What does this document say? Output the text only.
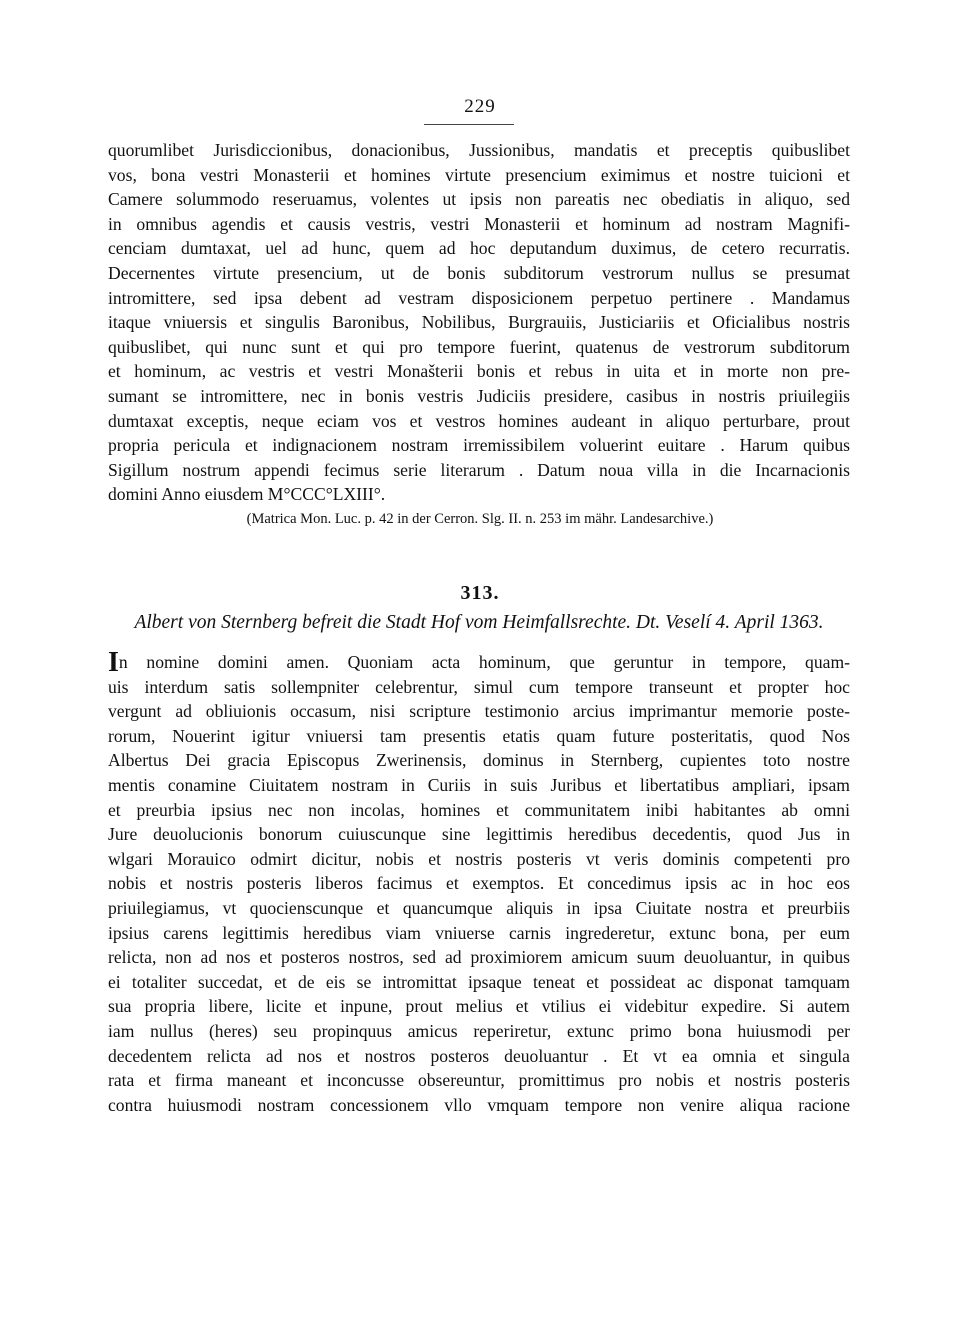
229
quorumlibet Jurisdiccionibus, donacionibus, Jussionibus, mandatis et preceptis quibuslibet
vos, bona vestri Monasterii et homines virtute presencium eximimus et nostre tuicioni et
Camere solummodo reseruamus, volentes ut ipsis non pareatis nec obediatis in aliquo, sed
in omnibus agendis et causis vestris, vestri Monasterii et hominum ad nostram Magnifi-
cenciam dumtaxat, uel ad hunc, quem ad hoc deputandum duximus, de cetero recurratis.
Decernentes virtute presencium, ut de bonis subditorum vestrorum nullus se presumat
intromittere, sed ipsa debent ad vestram disposicionem perpetuo pertinere . Mandamus
itaque vniuersis et singulis Baronibus, Nobilibus, Burgrauiis, Justiciariis et Oficialibus nostris
quibuslibet, qui nunc sunt et qui pro tempore fuerint, quatenus de vestrorum subditorum
et hominum, ac vestris et vestri Monašterii bonis et rebus in uita et in morte non pre-
sumant se intromittere, nec in bonis vestris Judiciis presidere, casibus in nostris priuilegiis
dumtaxat exceptis, neque eciam vos et vestros homines audeant in aliquo perturbare, prout
propria pericula et indignacionem nostram irremissibilem voluerint euitare . Harum quibus
Sigillum nostrum appendi fecimus serie literarum . Datum noua villa in die Incarnacionis
domini Anno eiusdem M°CCC°LXIII°.
(Matrica Mon. Luc. p. 42 in der Cerron. Slg. II. n. 253 im mähr. Landesarchive.)
313.
Albert von Sternberg befreit die Stadt Hof vom Heimfallsrechte. Dt. Veselí 4. April 1363.
In nomine domini amen. Quoniam acta hominum, que geruntur in tempore, quam-
uis interdum satis sollempniter celebrentur, simul cum tempore transeunt et propter hoc
vergunt ad obliuionis occasum, nisi scripture testimonio arcius imprimantur memorie poste-
rorum, Nouerint igitur vniuersi tam presentis etatis quam future posteritatis, quod Nos
Albertus Dei gracia Episcopus Zwerinensis, dominus in Sternberg, cupientes toto nostre
mentis conamine Ciuitatem nostram in Curiis in suis Juribus et libertatibus ampliari, ipsam
et preurbia ipsius nec non incolas, homines et communitatem inibi habitantes ab omni
Jure deuolucionis bonorum cuiuscunque sine legittimis heredibus decedentis, quod Jus in
wlgari Morauico odmirt dicitur, nobis et nostris posteris vt veris dominis competenti pro
nobis et nostris posteris liberos facimus et exemptos. Et concedimus ipsis ac in hoc eos
priuilegiamus, vt quocienscunque et quancumque aliquis in ipsa Ciuitate nostra et preurbiis
ipsius carens legittimis heredibus viam vniuerse carnis ingrederetur, extunc bona, per eum
relicta, non ad nos et posteros nostros, sed ad proximiorem amicum suum deuoluantur, in quibus
ei totaliter succedat, et de eis se intromittat ipsaque teneat et possideat ac disponat tamquam
sua propria libere, licite et inpune, prout melius et vtilius ei videbitur expedire. Si autem
iam nullus (heres) seu propinquus amicus reperiretur, extunc primo bona huiusmodi per
decedentem relicta ad nos et nostros posteros deuoluantur . Et vt ea omnia et singula
rata et firma maneant et inconcusse obsereuntur, promittimus pro nobis et nostris posteris
contra huiusmodi nostram concessionem vllo vmquam tempore non venire aliqua racione
